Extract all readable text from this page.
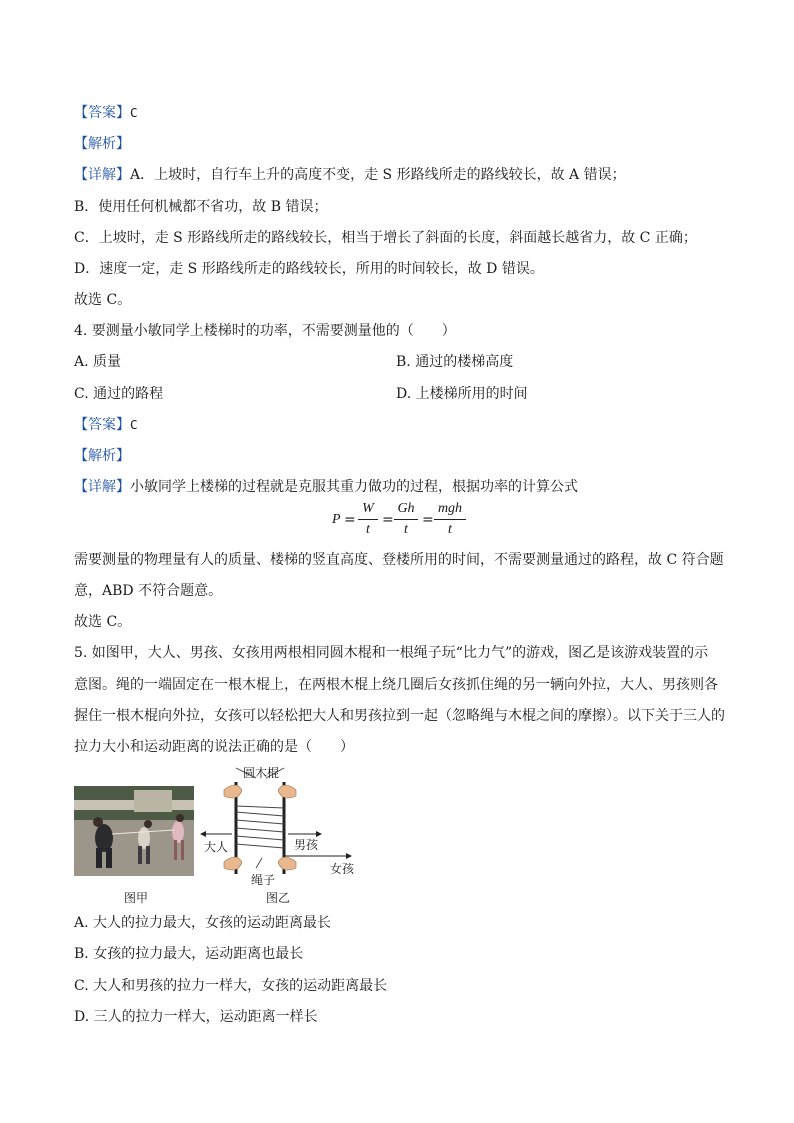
【答案】C
【解析】
【详解】A．上坡时，自行车上升的高度不变，走 S 形路线所走的路线较长，故 A 错误；
B．使用任何机械都不省功，故 B 错误；
C．上坡时，走 S 形路线所走的路线较长，相当于增长了斜面的长度，斜面越长越省力，故 C 正确；
D．速度一定，走 S 形路线所走的路线较长，所用的时间较长，故 D 错误。
故选 C。
4. 要测量小敏同学上楼梯时的功率，不需要测量他的（　　）
A. 质量	B. 通过的楼梯高度
C. 通过的路程	D. 上楼梯所用的时间
【答案】C
【解析】
【详解】小敏同学上楼梯的过程就是克服其重力做功的过程，根据功率的计算公式
P =
W
t
=
Gh
t
=
mgh
t
需要测量的物理量有人的质量、楼梯的竖直高度、登楼所用的时间，不需要测量通过的路程，故 C 符合题
意，ABD 不符合题意。
故选 C。
5. 如图甲，大人、男孩、女孩用两根相同圆木棍和一根绳子玩“比力气”的游戏，图乙是该游戏装置的示
意图。绳的一端固定在一根木棍上，在两根木棍上绕几圈后女孩抓住绳的另一辆向外拉，大人、男孩则各
握住一根木棍向外拉，女孩可以轻松把大人和男孩拉到一起（忽略绳与木棍之间的摩擦）。以下关于三人的
拉力大小和运动距离的说法正确的是（　　）
图甲
圆木棍
大人	男孩
女孩
绳子
图乙
A. 大人的拉力最大，女孩的运动距离最长
B. 女孩的拉力最大，运动距离也最长
C. 大人和男孩的拉力一样大，女孩的运动距离最长
D. 三人的拉力一样大，运动距离一样长
